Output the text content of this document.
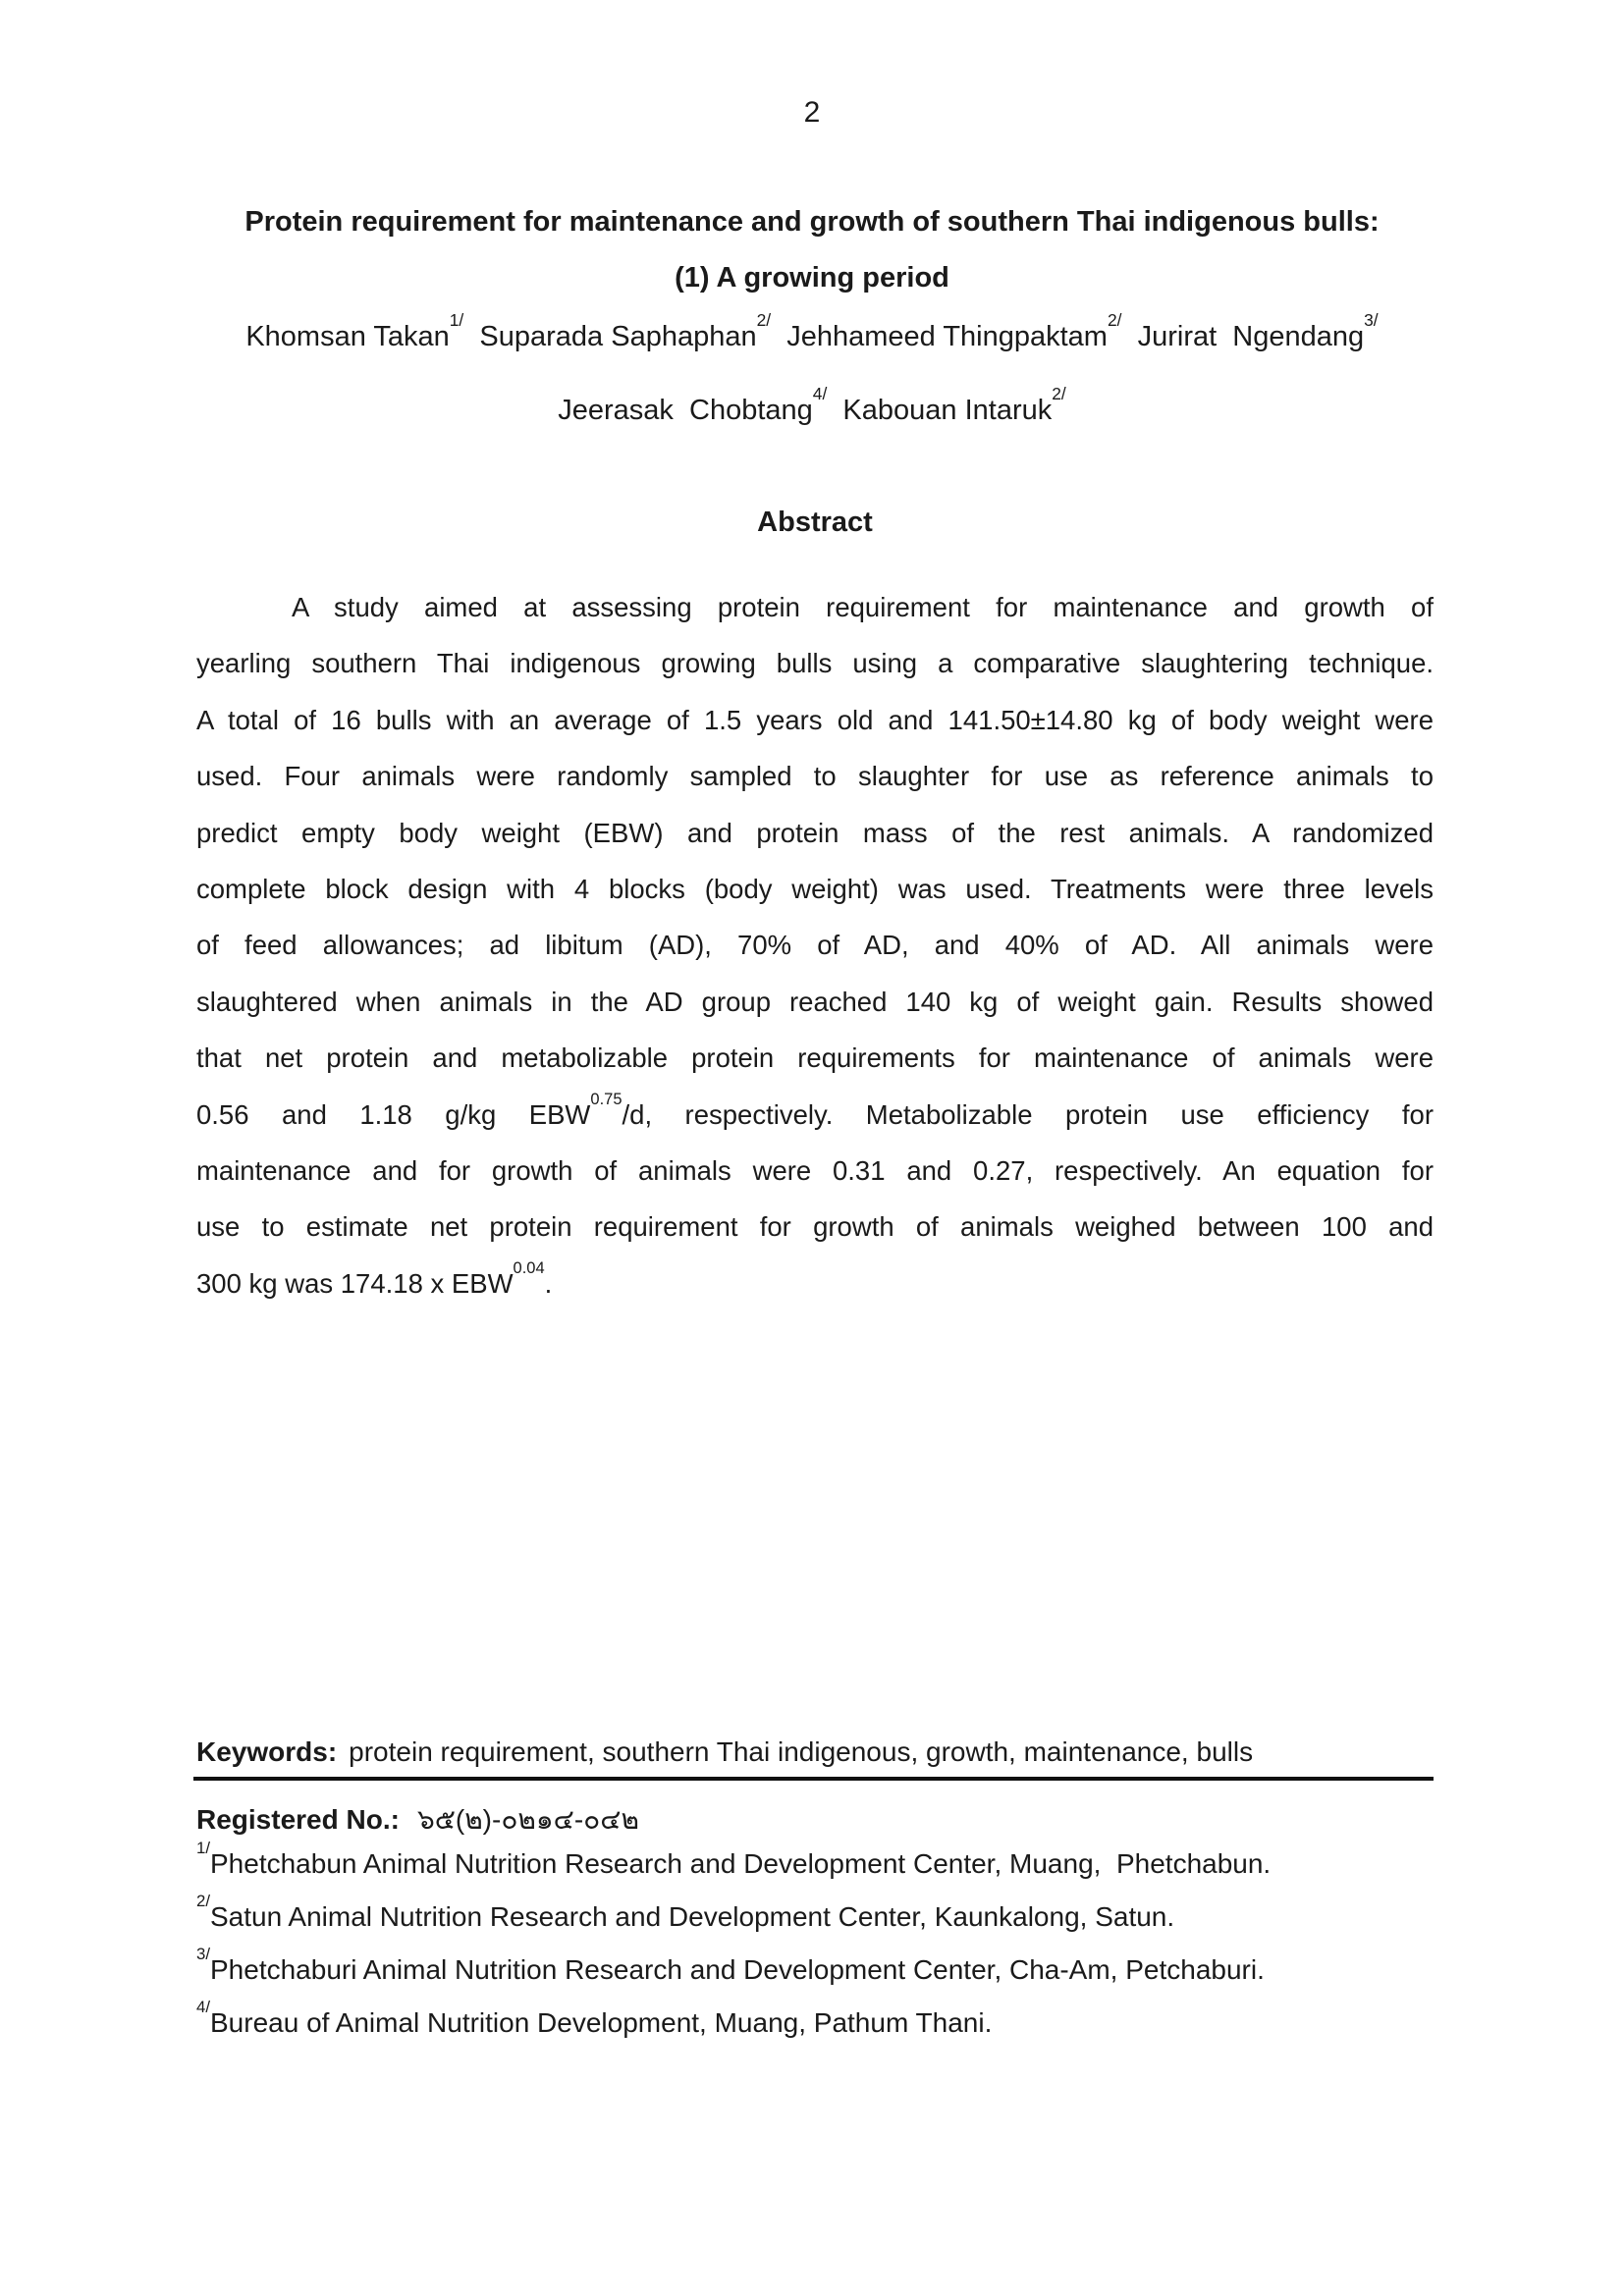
2
Protein requirement for maintenance and growth of southern Thai indigenous bulls:
(1) A growing period
Khomsan Takan$^{1/}$  Suparada Saphaphan$^{2/}$  Jehhameed Thingpaktam$^{2/}$  Jurirat  Ngendang$^{3/}$
Jeerasak  Chobtang$^{4/}$  Kabouan Intaruk$^{2/}$
Abstract
A study aimed at assessing protein requirement for maintenance and growth of
yearling southern Thai indigenous growing bulls using a comparative slaughtering technique.
A total of 16 bulls with an average of 1.5 years old and 141.50±14.80 kg of body weight were
used. Four animals were randomly sampled to slaughter for use as reference animals to
predict empty body weight (EBW) and protein mass of the rest animals. A randomized
complete block design with 4 blocks (body weight) was used. Treatments were three levels
of feed allowances; ad libitum (AD), 70% of AD, and 40% of AD. All animals were
slaughtered when animals in the AD group reached 140 kg of weight gain. Results showed
that net protein and metabolizable protein requirements for maintenance of animals were
0.56 and 1.18 g/kg $EBW^{0.75}/d$, respectively. Metabolizable protein use efficiency for
maintenance and for growth of animals were 0.31 and 0.27, respectively. An equation for
use to estimate net protein requirement for growth of animals weighed between 100 and
300 kg was 174.18 x $EBW^{0.04}$.
Keywords: protein requirement, southern Thai indigenous, growth, maintenance, bulls
Registered No.: ๖๕(๒)-๐๒๑๔-๐๔๒
$^{1/}$Phetchabun Animal Nutrition Research and Development Center, Muang,  Phetchabun.
$^{2/}$Satun Animal Nutrition Research and Development Center, Kaunkalong, Satun.
$^{3/}$Phetchaburi Animal Nutrition Research and Development Center, Cha-Am, Petchaburi.
$^{4/}$Bureau of Animal Nutrition Development, Muang, Pathum Thani.
